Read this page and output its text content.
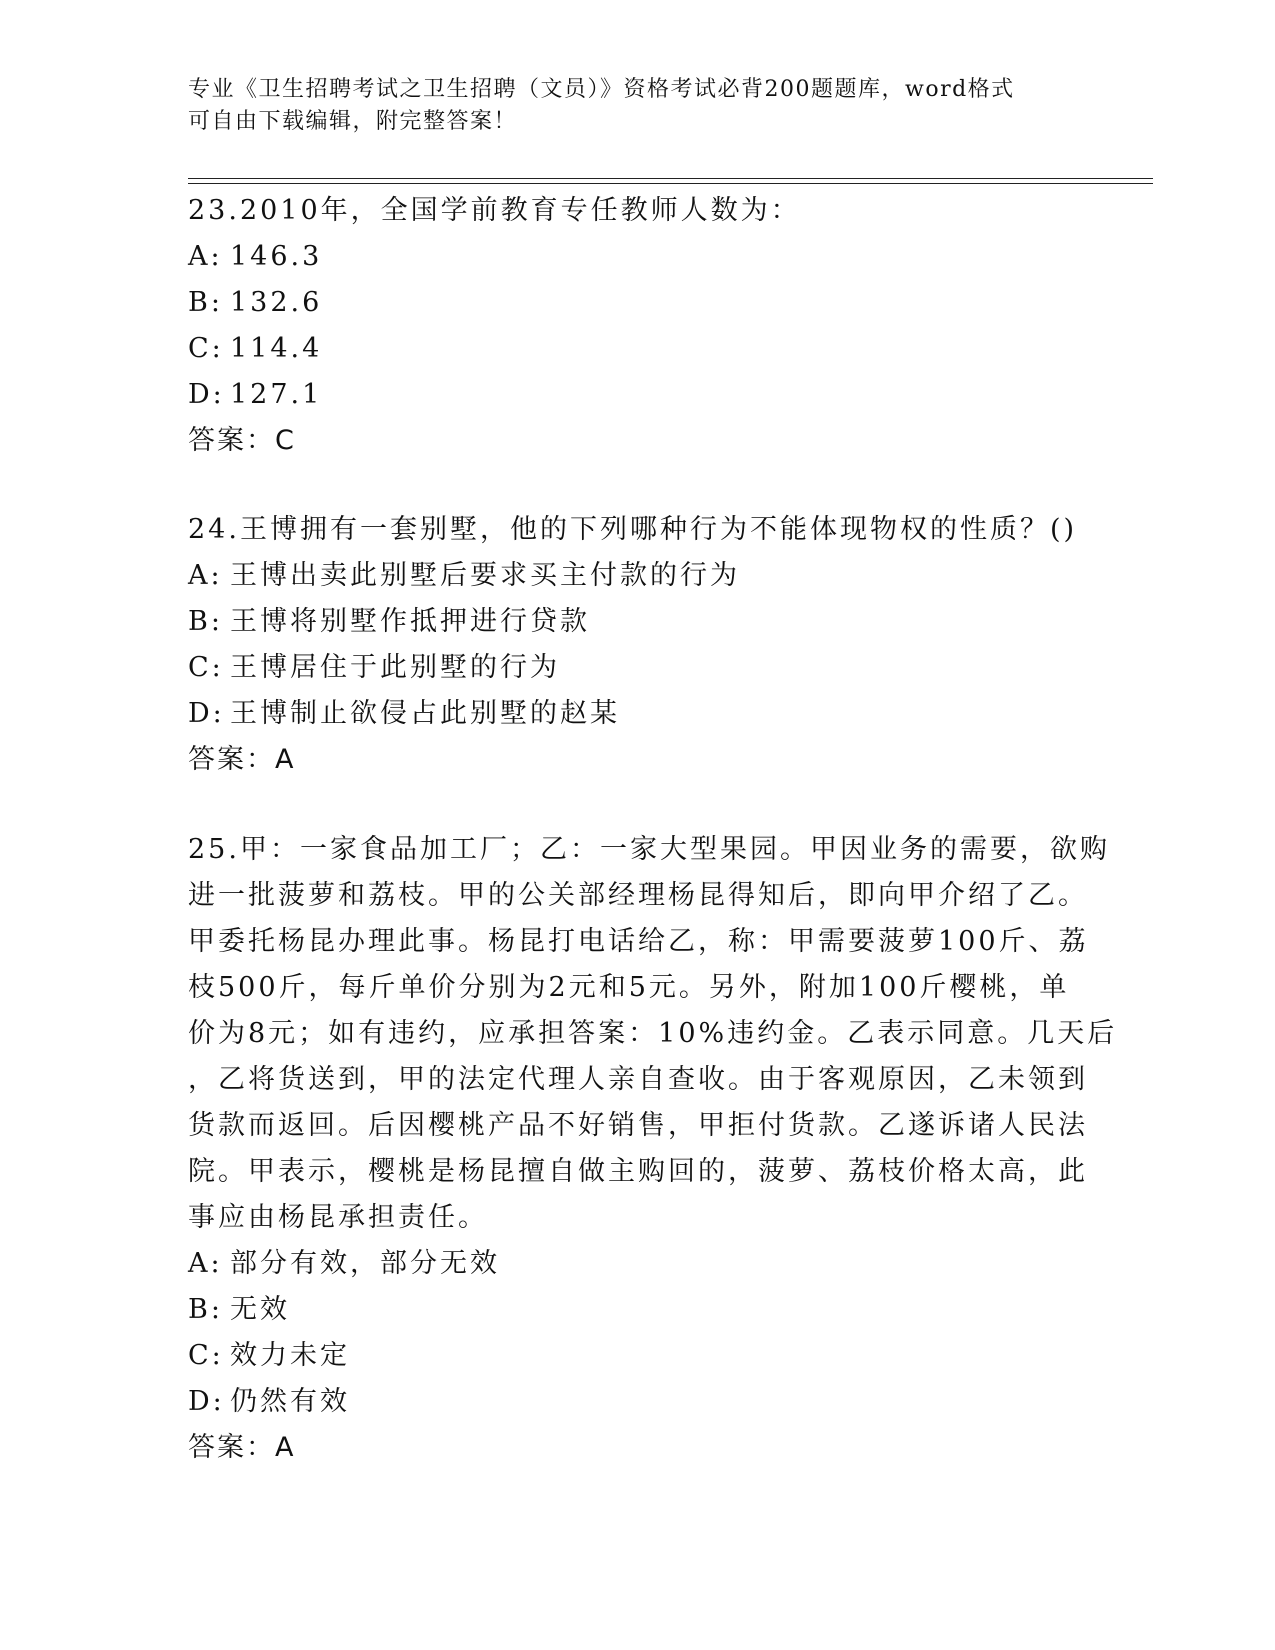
专业《卫生招聘考试之卫生招聘（文员）》资格考试必背200题题库，word格式
可自由下载编辑，附完整答案！
23.2010年，全国学前教育专任教师人数为：
A: 146.3
B: 132.6
C: 114.4
D: 127.1
答案：C
24.王博拥有一套别墅，他的下列哪种行为不能体现物权的性质？()
A: 王博出卖此别墅后要求买主付款的行为
B: 王博将别墅作抵押进行贷款
C: 王博居住于此别墅的行为
D: 王博制止欲侵占此别墅的赵某
答案：A
25.甲：一家食品加工厂；乙：一家大型果园。甲因业务的需要，欲购
进一批菠萝和荔枝。甲的公关部经理杨昆得知后，即向甲介绍了乙。
甲委托杨昆办理此事。杨昆打电话给乙，称：甲需要菠萝100斤、荔
枝500斤，每斤单价分别为2元和5元。另外，附加100斤樱桃，单
价为8元；如有违约，应承担答案：10%违约金。乙表示同意。几天后
，乙将货送到，甲的法定代理人亲自查收。由于客观原因，乙未领到
货款而返回。后因樱桃产品不好销售，甲拒付货款。乙遂诉诸人民法
院。甲表示，樱桃是杨昆擅自做主购回的，菠萝、荔枝价格太高，此
事应由杨昆承担责任。
A: 部分有效，部分无效
B: 无效
C: 效力未定
D: 仍然有效
答案：A
